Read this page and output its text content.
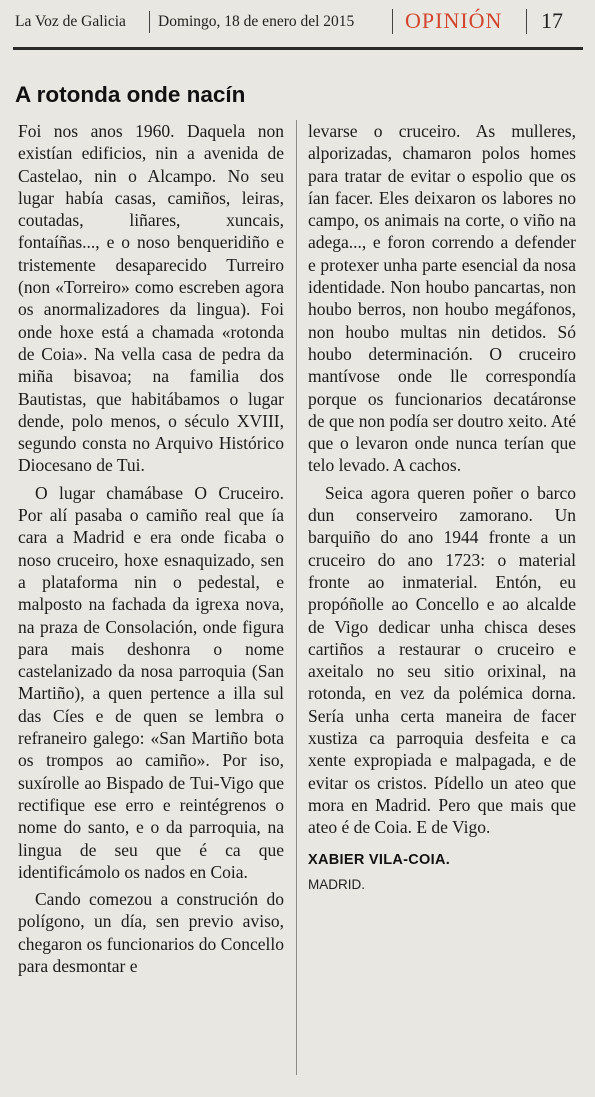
La Voz de Galicia Domingo, 18 de enero del 2015 OPINIÓN 17
A rotonda onde nacín

Foi nos anos 1960. Daquela non existían edificios, nin a avenida de Castelao, nin o Alcampo. No seu lugar había casas, camiños, leiras, coutadas, liñares, xuncais, fontaíñas..., e o noso benqueridiño e tristemente desaparecido Turreiro (non «Torreiro» como escreben agora os anormalizadores da lingua). Foi onde hoxe está a chamada «rotonda de Coia». Na vella casa de pedra da miña bisavoa; na familia dos Bautistas, que habitábamos o lugar dende, polo menos, o século XVIII, segundo consta no Arquivo Histórico Diocesano de Tui.

O lugar chamábase O Cruceiro. Por alí pasaba o camiño real que ía cara a Madrid e era onde ficaba o noso cruceiro, hoxe esnaquizado, sen a plataforma nin o pedestal, e malposto na fachada da igrexa nova, na praza de Consolación, onde figura para mais deshonra o nome castelanizado da nosa parroquia (San Martiño), a quen pertence a illa sul das Cíes e de quen se lembra o refraneiro galego: «San Martiño bota os trompos ao camiño». Por iso, suxírolle ao Bispado de Tui-Vigo que rectifique ese erro e reintégrenos o nome do santo, e o da parroquia, na lingua de seu que é ca que identificámolo os nados en Coia.

Cando comezou a construción do polígono, un día, sen previo aviso, chegaron os funcionarios do Concello para desmontar e

levarse o cruceiro. As mulleres, alporizadas, chamaron polos homes para tratar de evitar o espolio que os ían facer. Eles deixaron os labores no campo, os animais na corte, o viño na adega..., e foron correndo a defender e protexer unha parte esencial da nosa identidade. Non houbo pancartas, non houbo berros, non houbo megáfonos, non houbo multas nin detidos. Só houbo determinación. O cruceiro mantívose onde lle correspondía porque os funcionarios decatáronse de que non podía ser doutro xeito. Até que o levaron onde nunca terían que telo levado. A cachos.

Seica agora queren poñer o barco dun conserveiro zamorano. Un barquiño do ano 1944 fronte a un cruceiro do ano 1723: o material fronte ao inmaterial. Entón, eu propóñolle ao Concello e ao alcalde de Vigo dedicar unha chisca deses cartiños a restaurar o cruceiro e axeitalo no seu sitio orixinal, na rotonda, en vez da polémica dorna. Sería unha certa maneira de facer xustiza ca parroquia desfeita e ca xente expropiada e malpagada, e de evitar os cristos. Pídello un ateo que mora en Madrid. Pero que mais que ateo é de Coia. E de Vigo.

XABIER VILA-COIA.
MADRID.
